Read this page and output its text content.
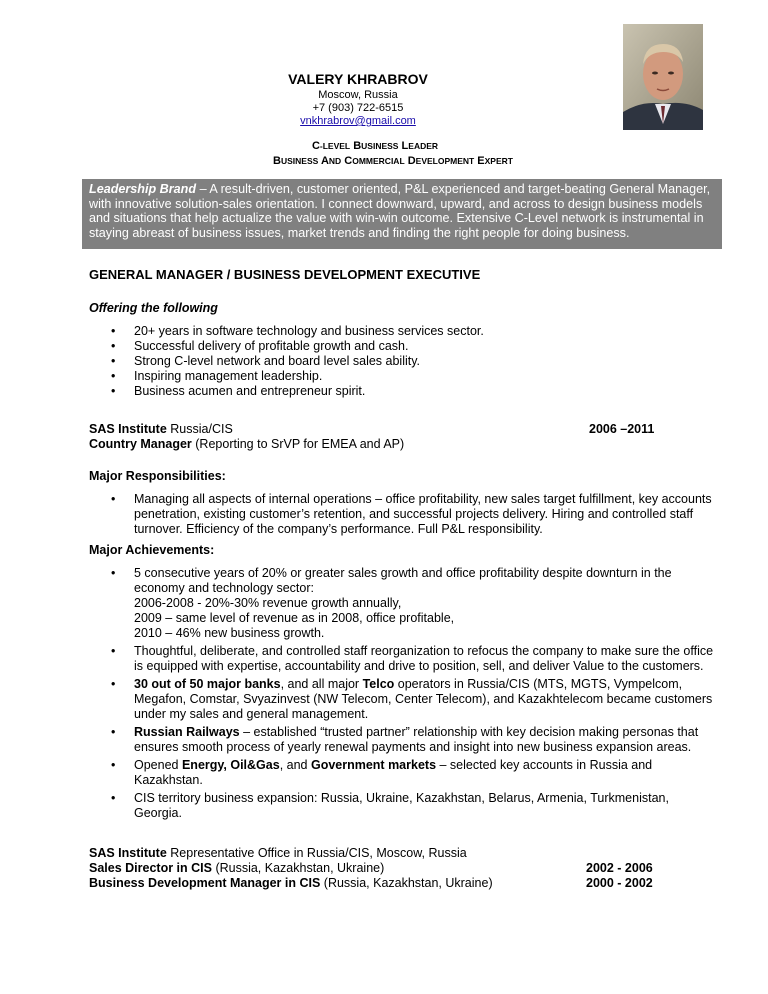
VALERY KHRABROV
Moscow, Russia
+7 (903) 722-6515
vnkhrabrov@gmail.com
C-LEVEL BUSINESS LEADER
BUSINESS AND COMMERCIAL DEVELOPMENT EXPERT
Leadership Brand – A result-driven, customer oriented, P&L experienced and target-beating General Manager, with innovative solution-sales orientation. I connect downward, upward, and across to design business models and situations that help actualize the value with win-win outcome. Extensive C-Level network is instrumental in staying abreast of business issues, market trends and finding the right people for doing business.
GENERAL MANAGER / BUSINESS DEVELOPMENT EXECUTIVE
Offering the following
• 20+ years in software technology and business services sector.
• Successful delivery of profitable growth and cash.
• Strong C-level network and board level sales ability.
• Inspiring management leadership.
• Business acumen and entrepreneur spirit.
SAS Institute Russia/CIS	2006 –2011
Country Manager (Reporting to SrVP for EMEA and AP)
Major Responsibilities:
• Managing all aspects of internal operations – office profitability, new sales target fulfillment, key accounts penetration, existing customer’s retention, and successful projects delivery. Hiring and controlled staff turnover. Efficiency of the company’s performance. Full P&L responsibility.
Major Achievements:
• 5 consecutive years of 20% or greater sales growth and office profitability despite downturn in the economy and technology sector:
2006-2008 - 20%-30% revenue growth annually,
2009 – same level of revenue as in 2008, office profitable,
2010 – 46% new business growth.
• Thoughtful, deliberate, and controlled staff reorganization to refocus the company to make sure the office is equipped with expertise, accountability and drive to position, sell, and deliver Value to the customers.
• 30 out of 50 major banks, and all major Telco operators in Russia/CIS (MTS, MGTS, Vympelcom, Megafon, Comstar, Svyazinvest (NW Telecom, Center Telecom), and Kazakhtelecom became customers under my sales and general management.
• Russian Railways – established “trusted partner” relationship with key decision making personas that ensures smooth process of yearly renewal payments and insight into new business expansion areas.
• Opened Energy, Oil&Gas, and Government markets – selected key accounts in Russia and Kazakhstan.
• CIS territory business expansion: Russia, Ukraine, Kazakhstan, Belarus, Armenia, Turkmenistan, Georgia.
SAS Institute Representative Office in Russia/CIS, Moscow, Russia
Sales Director in CIS (Russia, Kazakhstan, Ukraine)	2002 - 2006
Business Development Manager in CIS (Russia, Kazakhstan, Ukraine)	2000 - 2002
